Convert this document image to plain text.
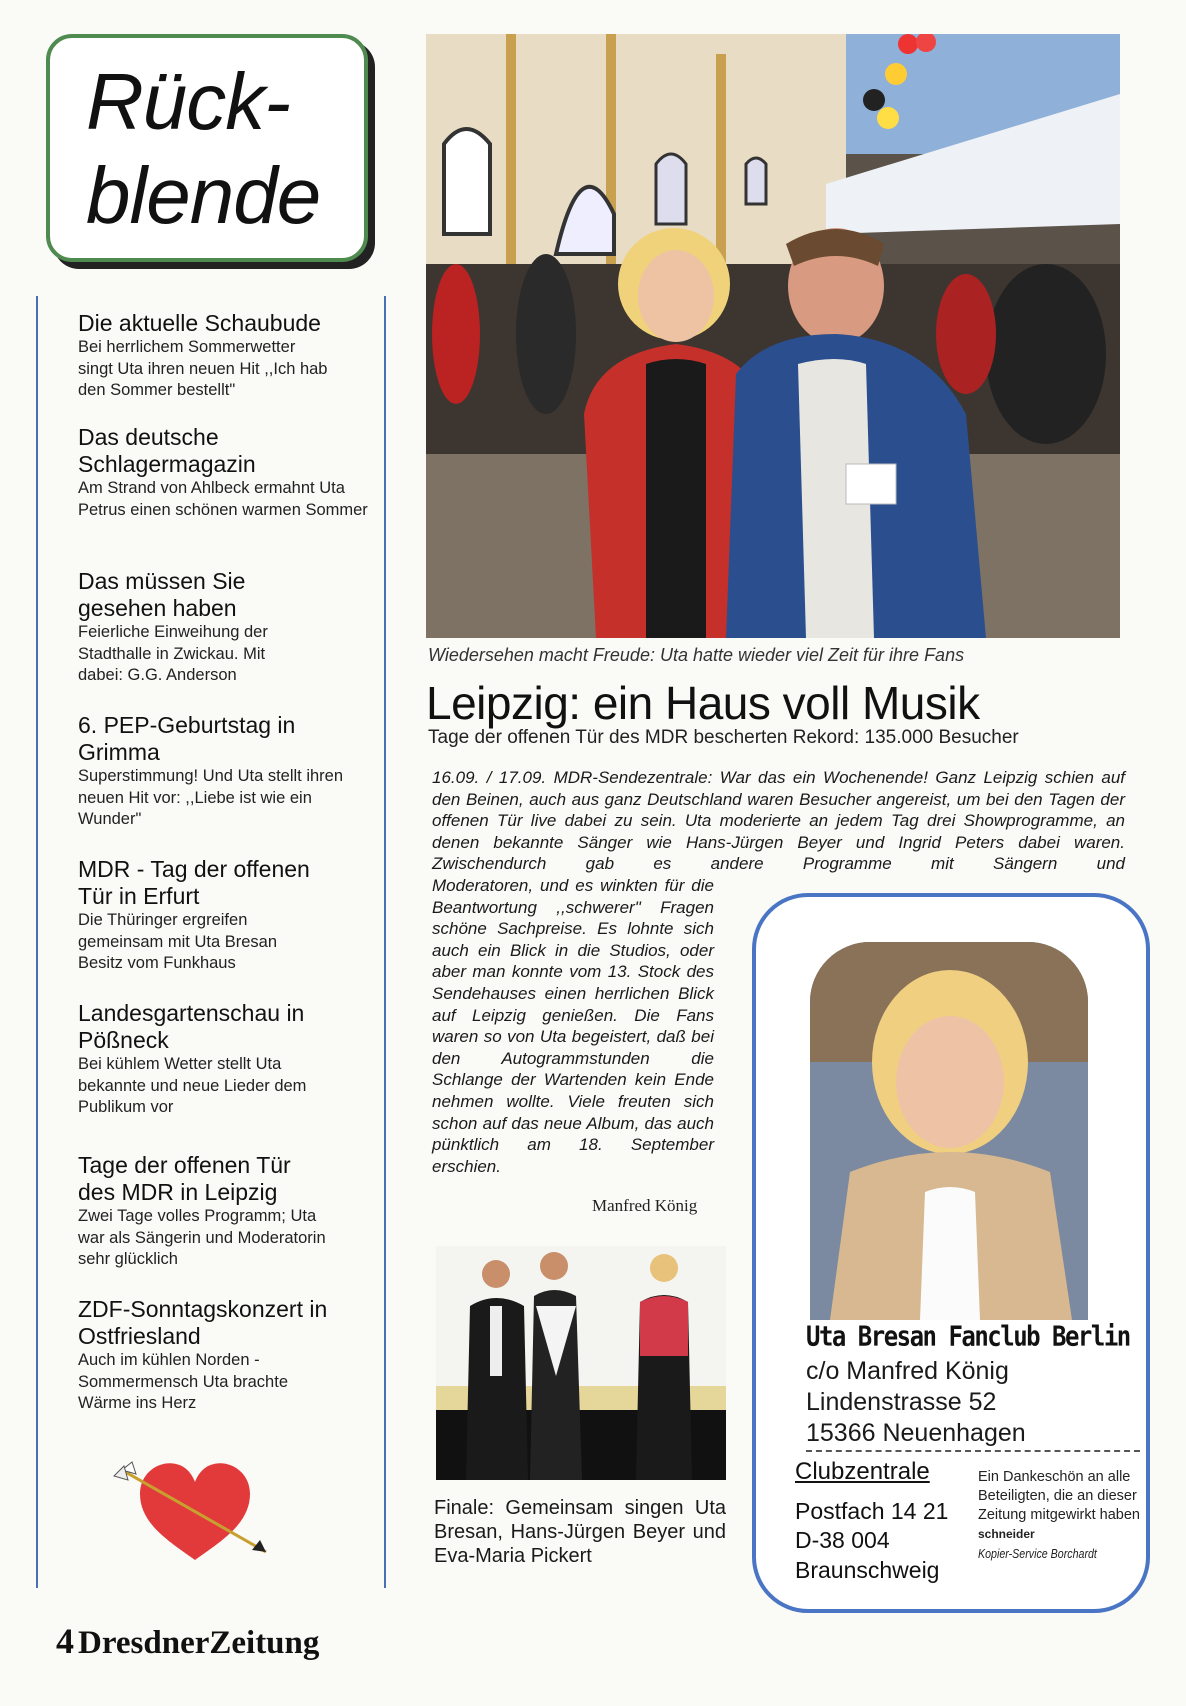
Rück-
blende
Die aktuelle Schaubude
Bei herrlichem Sommerwetter singt Uta ihren neuen Hit ,,Ich hab den Sommer bestellt"
Das deutsche Schlagermagazin
Am Strand von Ahlbeck ermahnt Uta Petrus einen schönen warmen Sommer
Das müssen Sie gesehen haben
Feierliche Einweihung der Stadthalle in Zwickau. Mit dabei: G.G. Anderson
6. PEP-Geburtstag in Grimma
Superstimmung! Und Uta stellt ihren neuen Hit vor: ,,Liebe ist wie ein Wunder"
MDR - Tag der offenen Tür in Erfurt
Die Thüringer ergreifen gemeinsam mit Uta Bresan Besitz vom Funkhaus
Landesgartenschau in Pößneck
Bei kühlem Wetter stellt Uta bekannte und neue Lieder dem Publikum vor
Tage der offenen Tür des MDR in Leipzig
Zwei Tage volles Programm; Uta war als Sängerin und Moderatorin sehr glücklich
ZDF-Sonntagskonzert in Ostfriesland
Auch im kühlen Norden - Sommermensch Uta brachte Wärme ins Herz
4 DresdnerZeitung
Wiedersehen macht Freude: Uta hatte wieder viel Zeit für ihre Fans
Leipzig: ein Haus voll Musik
Tage der offenen Tür des MDR bescherten Rekord: 135.000 Besucher
16.09. / 17.09. MDR-Sendezentrale: War das ein Wochenende! Ganz Leipzig schien auf den Beinen, auch aus ganz Deutschland waren Besucher angereist, um bei den Tagen der offenen Tür live dabei zu sein. Uta moderierte an jedem Tag drei Showprogramme, an denen bekannte Sänger wie Hans-Jürgen Beyer und Ingrid Peters dabei waren. Zwischendurch gab es andere Programme mit Sängern und
Moderatoren, und es winkten für die Beantwortung ,,schwerer" Fragen schöne Sachpreise. Es lohnte sich auch ein Blick in die Studios, oder aber man konnte vom 13. Stock des Sendehauses einen herrlichen Blick auf Leipzig genießen. Die Fans waren so von Uta begeistert, daß bei den Autogrammstunden die Schlange der Wartenden kein Ende nehmen wollte. Viele freuten sich schon auf das neue Album, das auch pünktlich am 18. September erschien.
Manfred König
Finale: Gemeinsam singen Uta Bresan, Hans-Jürgen Beyer und Eva-Maria Pickert
Uta Bresan Fanclub Berlin
c/o Manfred König
Lindenstrasse 52
15366 Neuenhagen
Clubzentrale
Postfach 14 21
D-38 004
Braunschweig
Ein Dankeschön an alle Beteiligten, die an dieser Zeitung mitgewirkt haben
schneider
Kopier-Service Borchardt
